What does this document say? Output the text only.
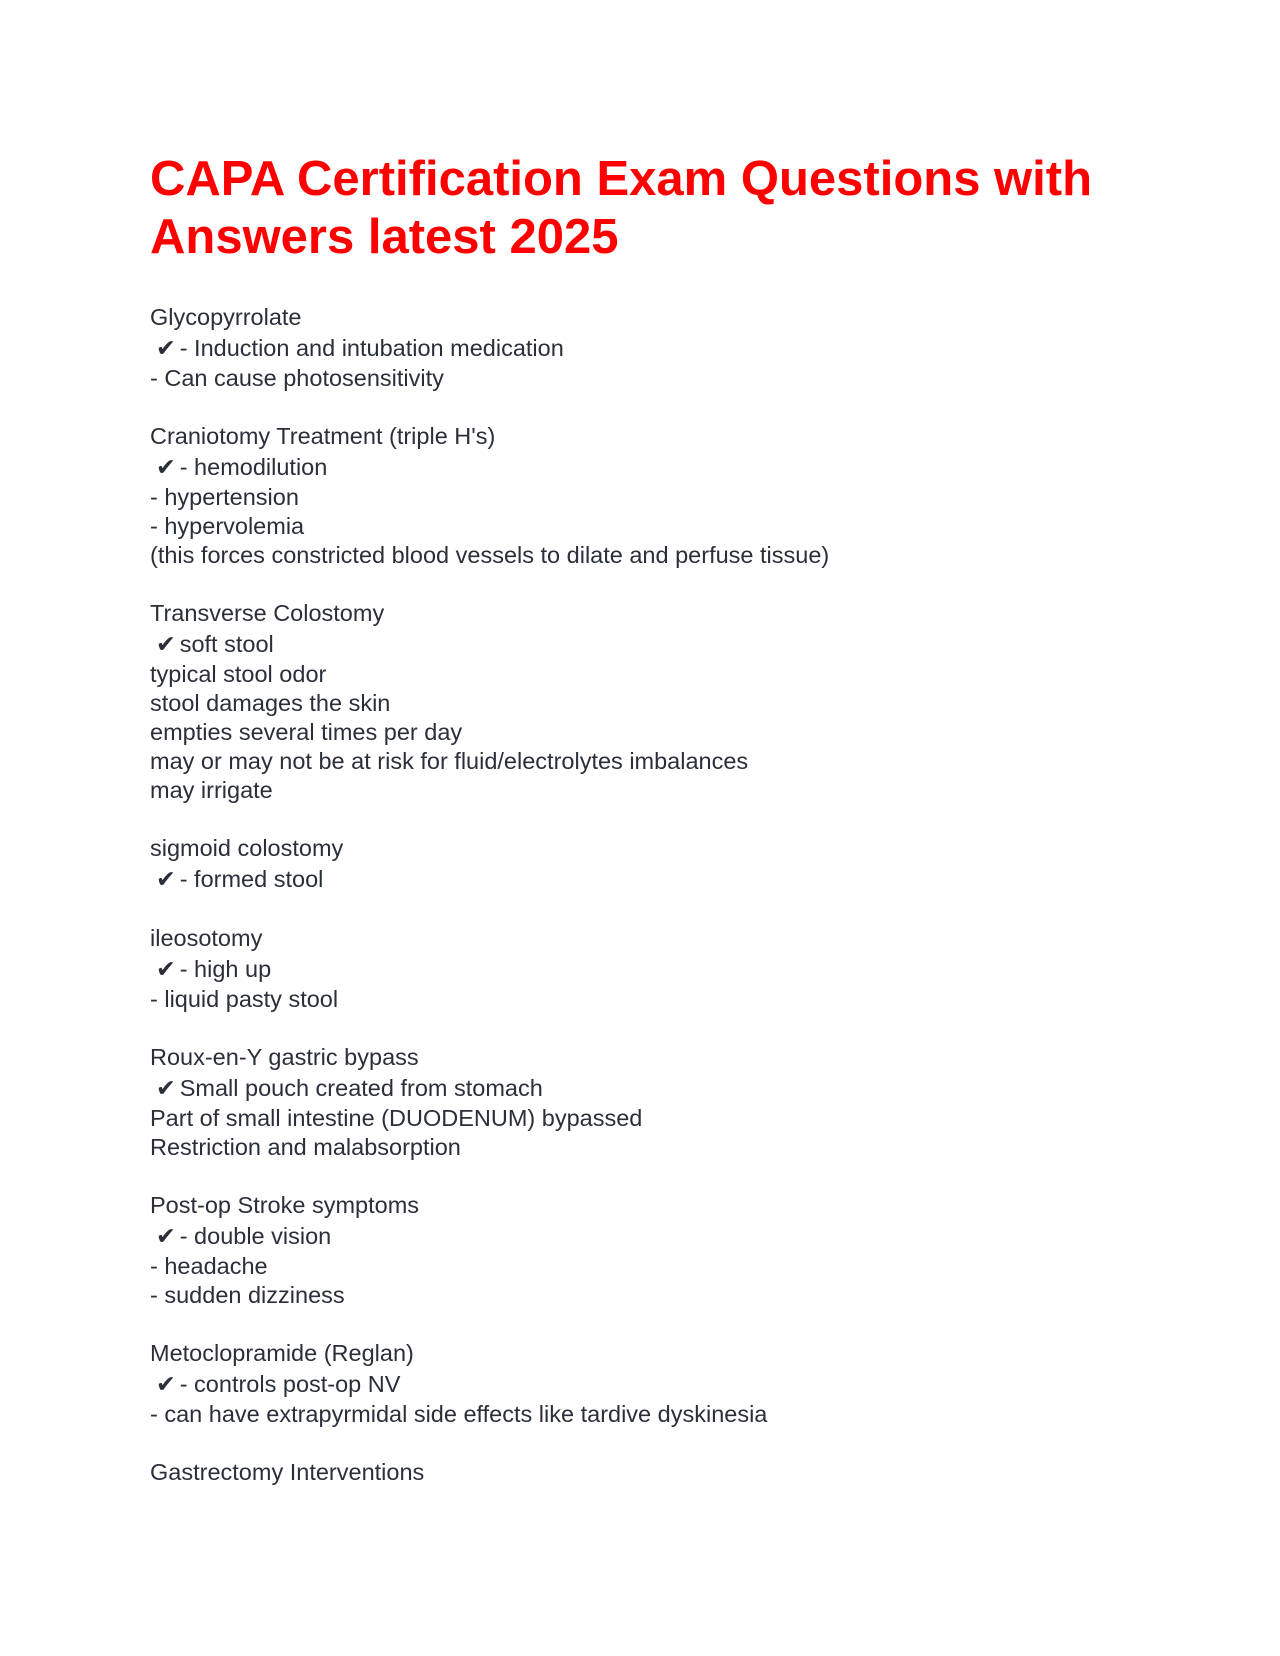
CAPA Certification Exam Questions with Answers latest 2025
Glycopyrrolate
✔ - Induction and intubation medication
- Can cause photosensitivity
Craniotomy Treatment (triple H's)
✔ - hemodilution
- hypertension
- hypervolemia
(this forces constricted blood vessels to dilate and perfuse tissue)
Transverse Colostomy
✔ soft stool
typical stool odor
stool damages the skin
empties several times per day
may or may not be at risk for fluid/electrolytes imbalances
may irrigate
sigmoid colostomy
✔ - formed stool
ileosotomy
✔ - high up
- liquid pasty stool
Roux-en-Y gastric bypass
✔ Small pouch created from stomach
Part of small intestine (DUODENUM) bypassed
Restriction and malabsorption
Post-op Stroke symptoms
✔ - double vision
- headache
- sudden dizziness
Metoclopramide (Reglan)
✔ - controls post-op NV
- can have extrapyrmidal side effects like tardive dyskinesia
Gastrectomy Interventions
